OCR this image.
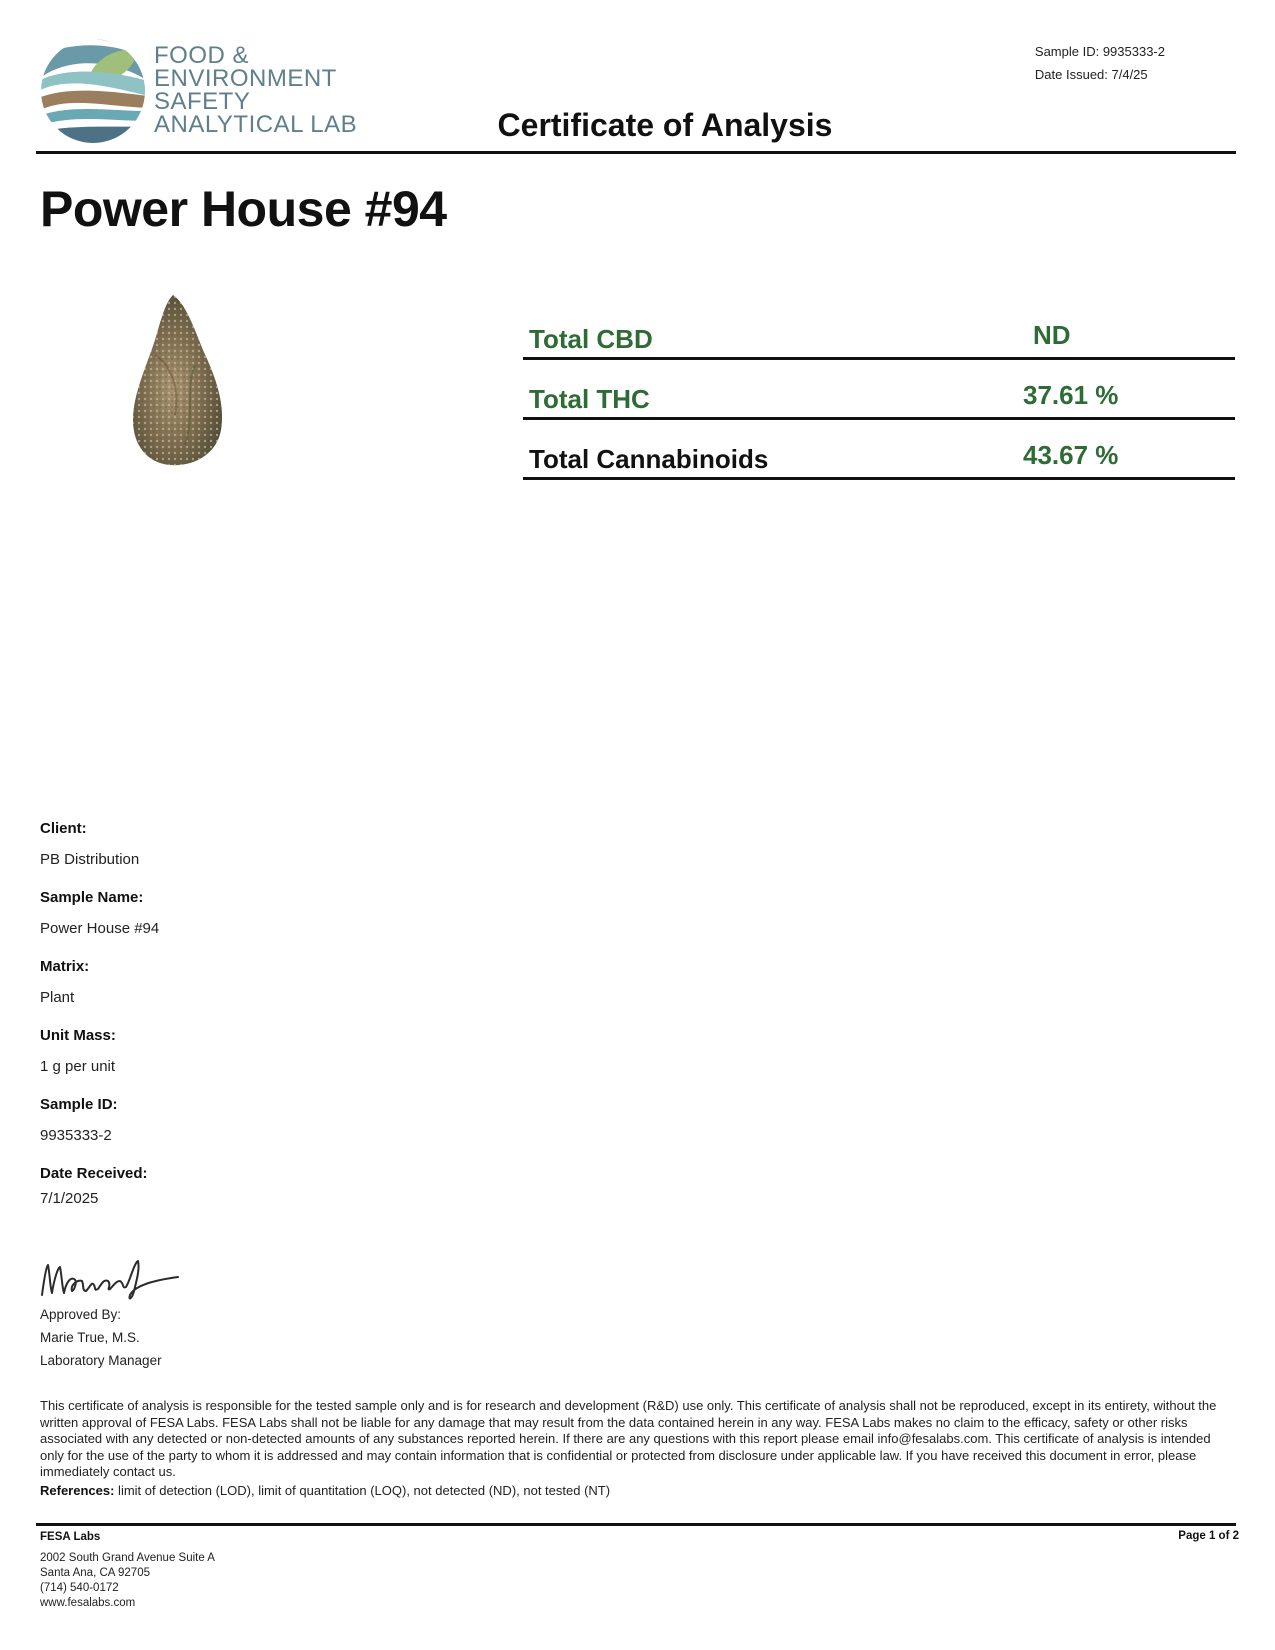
FOOD &
ENVIRONMENT
SAFETY
ANALYTICAL LAB	Certificate of Analysis
Sample ID: 9935333-2
Date Issued: 7/4/25
Power House #94
Total CBD	ND
Total THC	37.61 %
Total Cannabinoids	43.67 %
Client:
PB Distribution
Sample Name:
Power House #94
Matrix:
Plant
Unit Mass:
1 g per unit
Sample ID:
9935333-2
Date Received:
7/1/2025
Approved By:
Marie True, M.S.
Laboratory Manager
This certificate of analysis is responsible for the tested sample only and is for research and development (R&D) use only. This certificate of analysis shall not be reproduced, except in its entirety, without the written approval of FESA Labs. FESA Labs shall not be liable for any damage that may result from the data contained herein in any way. FESA Labs makes no claim to the efficacy, safety or other risks associated with any detected or non-detected amounts of any substances reported herein. If there are any questions with this report please email info@fesalabs.com. This certificate of analysis is intended only for the use of the party to whom it is addressed and may contain information that is confidential or protected from disclosure under applicable law. If you have received this document in error, please immediately contact us.
References: limit of detection (LOD), limit of quantitation (LOQ), not detected (ND), not tested (NT)
FESA Labs
2002 South Grand Avenue Suite A
Santa Ana, CA 92705
(714) 540-0172
www.fesalabs.com
Page 1 of 2
